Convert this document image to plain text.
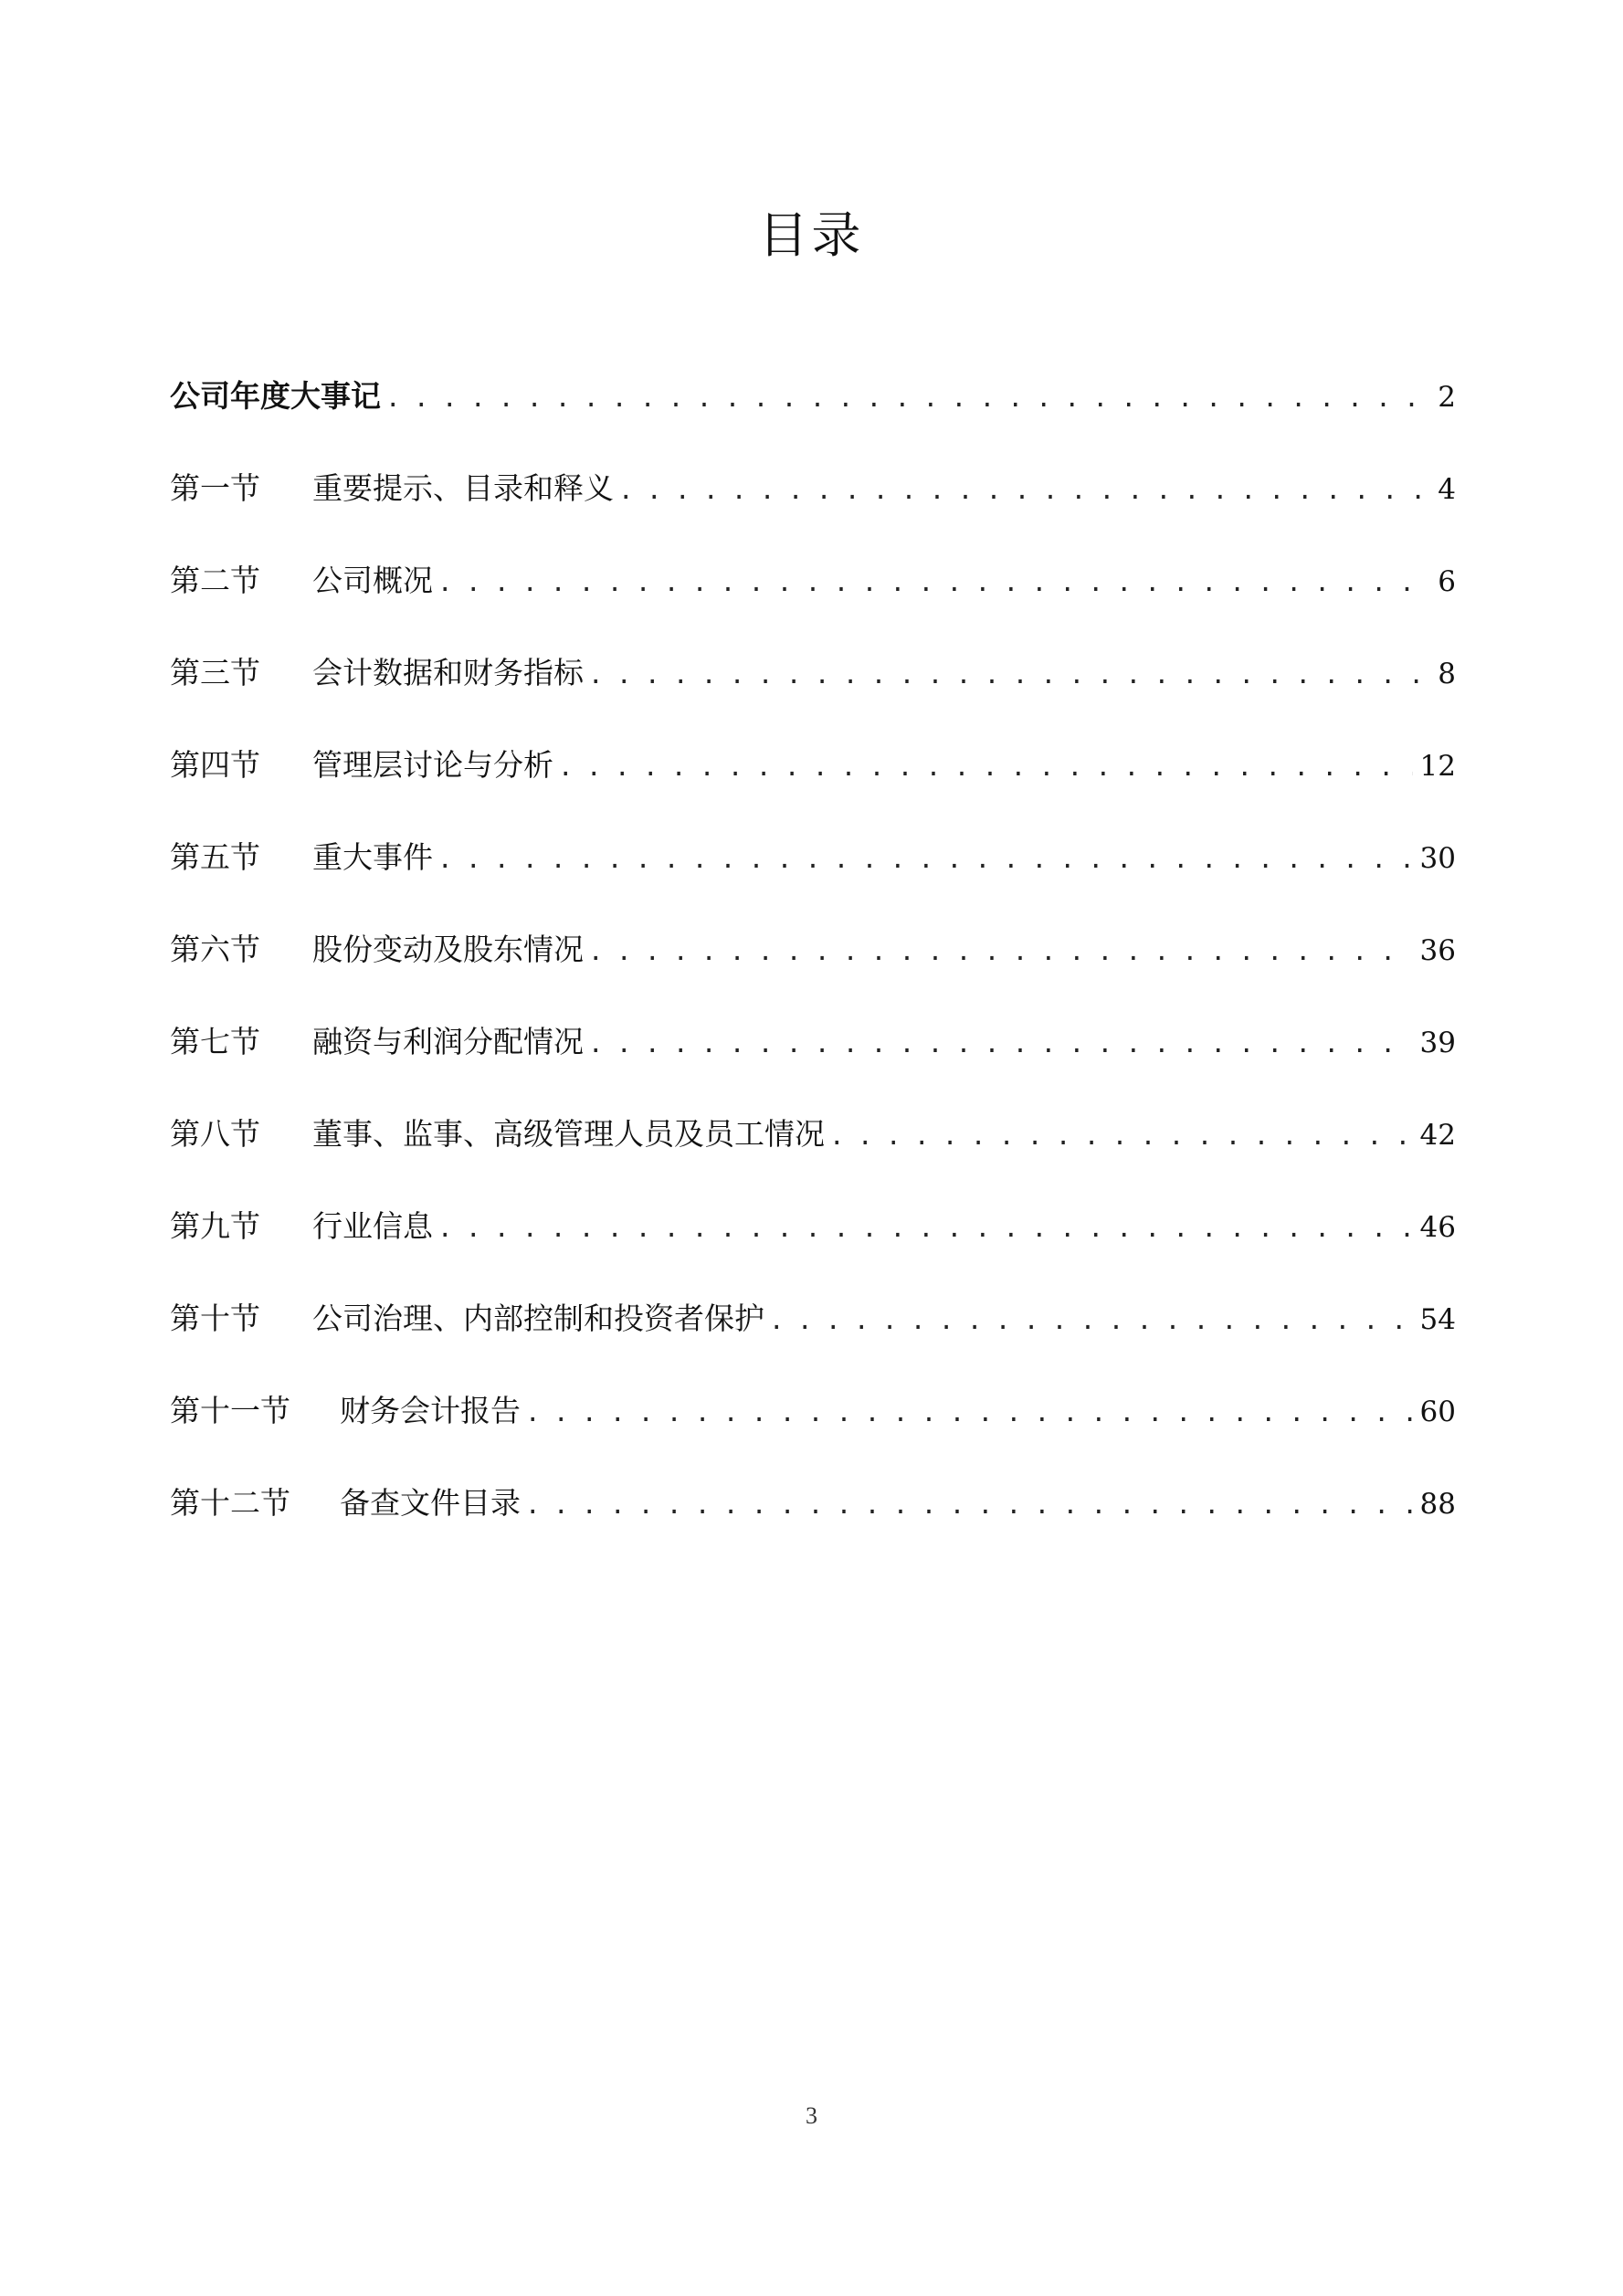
目录
公司年度大事记 . . .	2
第一节	重要提示、目录和释义 . . .	4
第二节	公司概况 . . .	6
第三节	会计数据和财务指标 . . .	8
第四节	管理层讨论与分析 . . .	12
第五节	重大事件 . . .	30
第六节	股份变动及股东情况 . . .	36
第七节	融资与利润分配情况 . . .	39
第八节	董事、监事、高级管理人员及员工情况 . . .	42
第九节	行业信息 . . .	46
第十节	公司治理、内部控制和投资者保护 . . .	54
第十一节	财务会计报告 . . .	60
第十二节	备查文件目录 . . .	88
3
